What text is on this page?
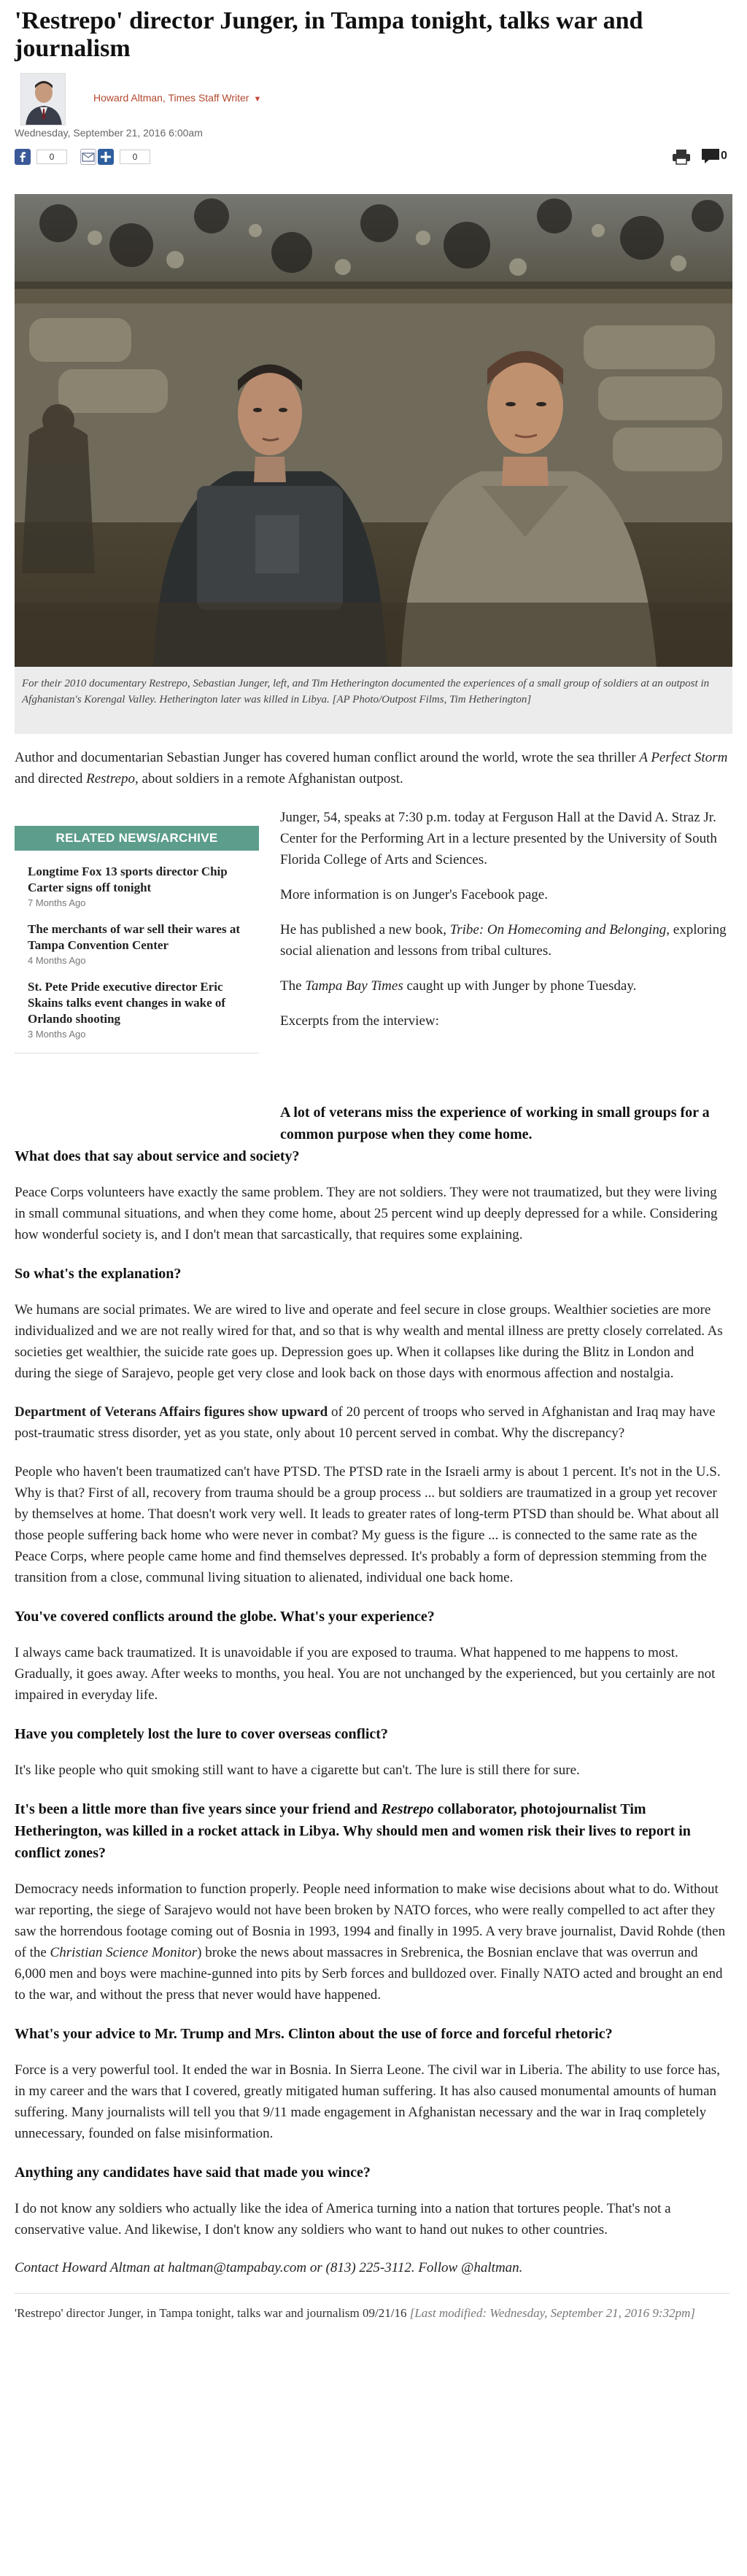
'Restrepo' director Junger, in Tampa tonight, talks war and journalism
Howard Altman, Times Staff Writer ▼
Wednesday, September 21, 2016 6:00am
0	0	0

For their 2010 documentary Restrepo, Sebastian Junger, left, and Tim Hetherington documented the experiences of a small group of soldiers at an outpost in Afghanistan's Korengal Valley. Hetherington later was killed in Libya. [AP Photo/Outpost Films, Tim Hetherington]

Author and documentarian Sebastian Junger has covered human conflict around the world, wrote the sea thriller A Perfect Storm and directed Restrepo, about soldiers in a remote Afghanistan outpost.

RELATED NEWS/ARCHIVE
Longtime Fox 13 sports director Chip Carter signs off tonight
7 Months Ago
The merchants of war sell their wares at Tampa Convention Center
4 Months Ago
St. Pete Pride executive director Eric Skains talks event changes in wake of Orlando shooting
3 Months Ago

Junger, 54, speaks at 7:30 p.m. today at Ferguson Hall at the David A. Straz Jr. Center for the Performing Art in a lecture presented by the University of South Florida College of Arts and Sciences.

More information is on Junger's Facebook page.

He has published a new book, Tribe: On Homecoming and Belonging, exploring social alienation and lessons from tribal cultures.

The Tampa Bay Times caught up with Junger by phone Tuesday.

Excerpts from the interview:

A lot of veterans miss the experience of working in small groups for a common purpose when they come home.
What does that say about service and society?

Peace Corps volunteers have exactly the same problem. They are not soldiers. They were not traumatized, but they were living in small communal situations, and when they come home, about 25 percent wind up deeply depressed for a while. Considering how wonderful society is, and I don't mean that sarcastically, that requires some explaining.

So what's the explanation?

We humans are social primates. We are wired to live and operate and feel secure in close groups. Wealthier societies are more individualized and we are not really wired for that, and so that is why wealth and mental illness are pretty closely correlated. As societies get wealthier, the suicide rate goes up. Depression goes up. When it collapses like during the Blitz in London and during the siege of Sarajevo, people get very close and look back on those days with enormous affection and nostalgia.

Department of Veterans Affairs figures show upward of 20 percent of troops who served in Afghanistan and Iraq may have post-traumatic stress disorder, yet as you state, only about 10 percent served in combat. Why the discrepancy?

People who haven't been traumatized can't have PTSD. The PTSD rate in the Israeli army is about 1 percent. It's not in the U.S. Why is that? First of all, recovery from trauma should be a group process ... but soldiers are traumatized in a group yet recover by themselves at home. That doesn't work very well. It leads to greater rates of long-term PTSD than should be. What about all those people suffering back home who were never in combat? My guess is the figure ... is connected to the same rate as the Peace Corps, where people came home and find themselves depressed. It's probably a form of depression stemming from the transition from a close, communal living situation to alienated, individual one back home.

You've covered conflicts around the globe. What's your experience?

I always came back traumatized. It is unavoidable if you are exposed to trauma. What happened to me happens to most. Gradually, it goes away. After weeks to months, you heal. You are not unchanged by the experienced, but you certainly are not impaired in everyday life.

Have you completely lost the lure to cover overseas conflict?

It's like people who quit smoking still want to have a cigarette but can't. The lure is still there for sure.

It's been a little more than five years since your friend and Restrepo collaborator, photojournalist Tim Hetherington, was killed in a rocket attack in Libya. Why should men and women risk their lives to report in conflict zones?

Democracy needs information to function properly. People need information to make wise decisions about what to do. Without war reporting, the siege of Sarajevo would not have been broken by NATO forces, who were really compelled to act after they saw the horrendous footage coming out of Bosnia in 1993, 1994 and finally in 1995. A very brave journalist, David Rohde (then of the Christian Science Monitor) broke the news about massacres in Srebrenica, the Bosnian enclave that was overrun and 6,000 men and boys were machine-gunned into pits by Serb forces and bulldozed over. Finally NATO acted and brought an end to the war, and without the press that never would have happened.

What's your advice to Mr. Trump and Mrs. Clinton about the use of force and forceful rhetoric?

Force is a very powerful tool. It ended the war in Bosnia. In Sierra Leone. The civil war in Liberia. The ability to use force has, in my career and the wars that I covered, greatly mitigated human suffering. It has also caused monumental amounts of human suffering. Many journalists will tell you that 9/11 made engagement in Afghanistan necessary and the war in Iraq completely unnecessary, founded on false misinformation.

Anything any candidates have said that made you wince?

I do not know any soldiers who actually like the idea of America turning into a nation that tortures people. That's not a conservative value. And likewise, I don't know any soldiers who want to hand out nukes to other countries.

Contact Howard Altman at haltman@tampabay.com or (813) 225-3112. Follow @haltman.

'Restrepo' director Junger, in Tampa tonight, talks war and journalism 09/21/16 [Last modified: Wednesday, September 21, 2016 9:32pm]
